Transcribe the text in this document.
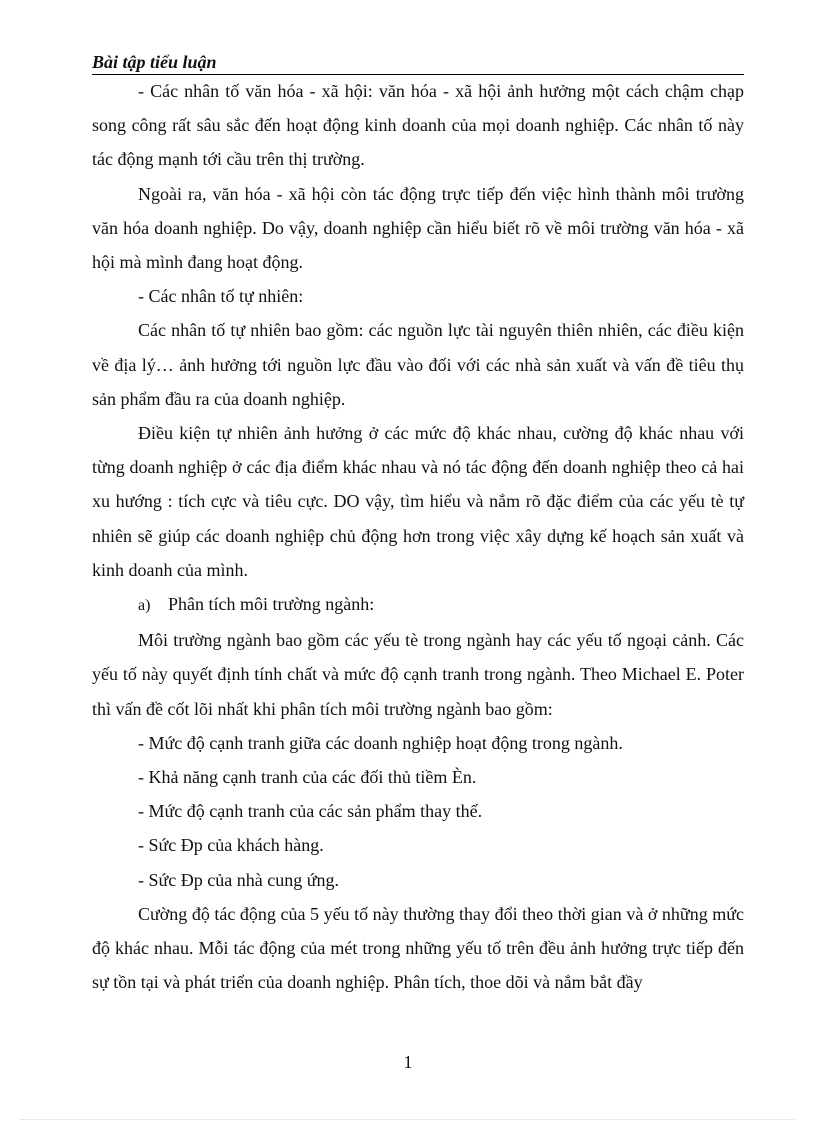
Bài tập tiểu luận

- Các nhân tố văn hóa - xã hội: văn hóa - xã hội ảnh hưởng một cách chậm chạp song công rất sâu sắc đến hoạt động kinh doanh của mọi doanh nghiệp. Các nhân tố này tác động mạnh tới cầu trên thị trường.

Ngoài ra, văn hóa - xã hội còn tác động trực tiếp đến việc hình thành môi trường văn hóa doanh nghiệp. Do vậy, doanh nghiệp cần hiểu biết rõ về môi trường văn hóa - xã hội mà mình đang hoạt động.

- Các nhân tố tự nhiên:

Các nhân tố tự nhiên bao gồm: các nguồn lực tài nguyên thiên nhiên, các điều kiện về địa lý… ảnh hưởng tới nguồn lực đầu vào đối với các nhà sản xuất và vấn đề tiêu thụ sản phẩm đầu ra của doanh nghiệp.

Điều kiện tự nhiên ảnh hưởng ở các mức độ khác nhau, cường độ khác nhau với từng doanh nghiệp ở các địa điểm khác nhau và nó tác động đến doanh nghiệp theo cả hai xu hướng : tích cực và tiêu cực. DO vậy, tìm hiểu và nắm rõ đặc điểm của các yếu tè tự nhiên sẽ giúp các doanh nghiệp chủ động hơn trong việc xây dựng kế hoạch sản xuất và kinh doanh của mình.

a) Phân tích môi trường ngành:

Môi trường ngành bao gồm các yếu tè trong ngành hay các yếu tố ngoại cảnh. Các yếu tố này quyết định tính chất và mức độ cạnh tranh trong ngành. Theo Michael E. Poter thì vấn đề cốt lõi nhất khi phân tích môi trường ngành bao gồm:

- Mức độ cạnh tranh giữa các doanh nghiệp hoạt động trong ngành.

- Khả năng cạnh tranh của các đối thủ tiềm Èn.

- Mức độ cạnh tranh của các sản phẩm thay thế.

- Sức Ðp của khách hàng.

- Sức Ðp của nhà cung ứng.

Cường độ tác động của 5 yếu tố này thường thay đổi theo thời gian và ở những mức độ khác nhau. Mỗi tác động của mét trong những yếu tố trên đều ảnh hưởng trực tiếp đến sự tồn tại và phát triển của doanh nghiệp. Phân tích, thoe dõi và nắm bắt đầy

1
